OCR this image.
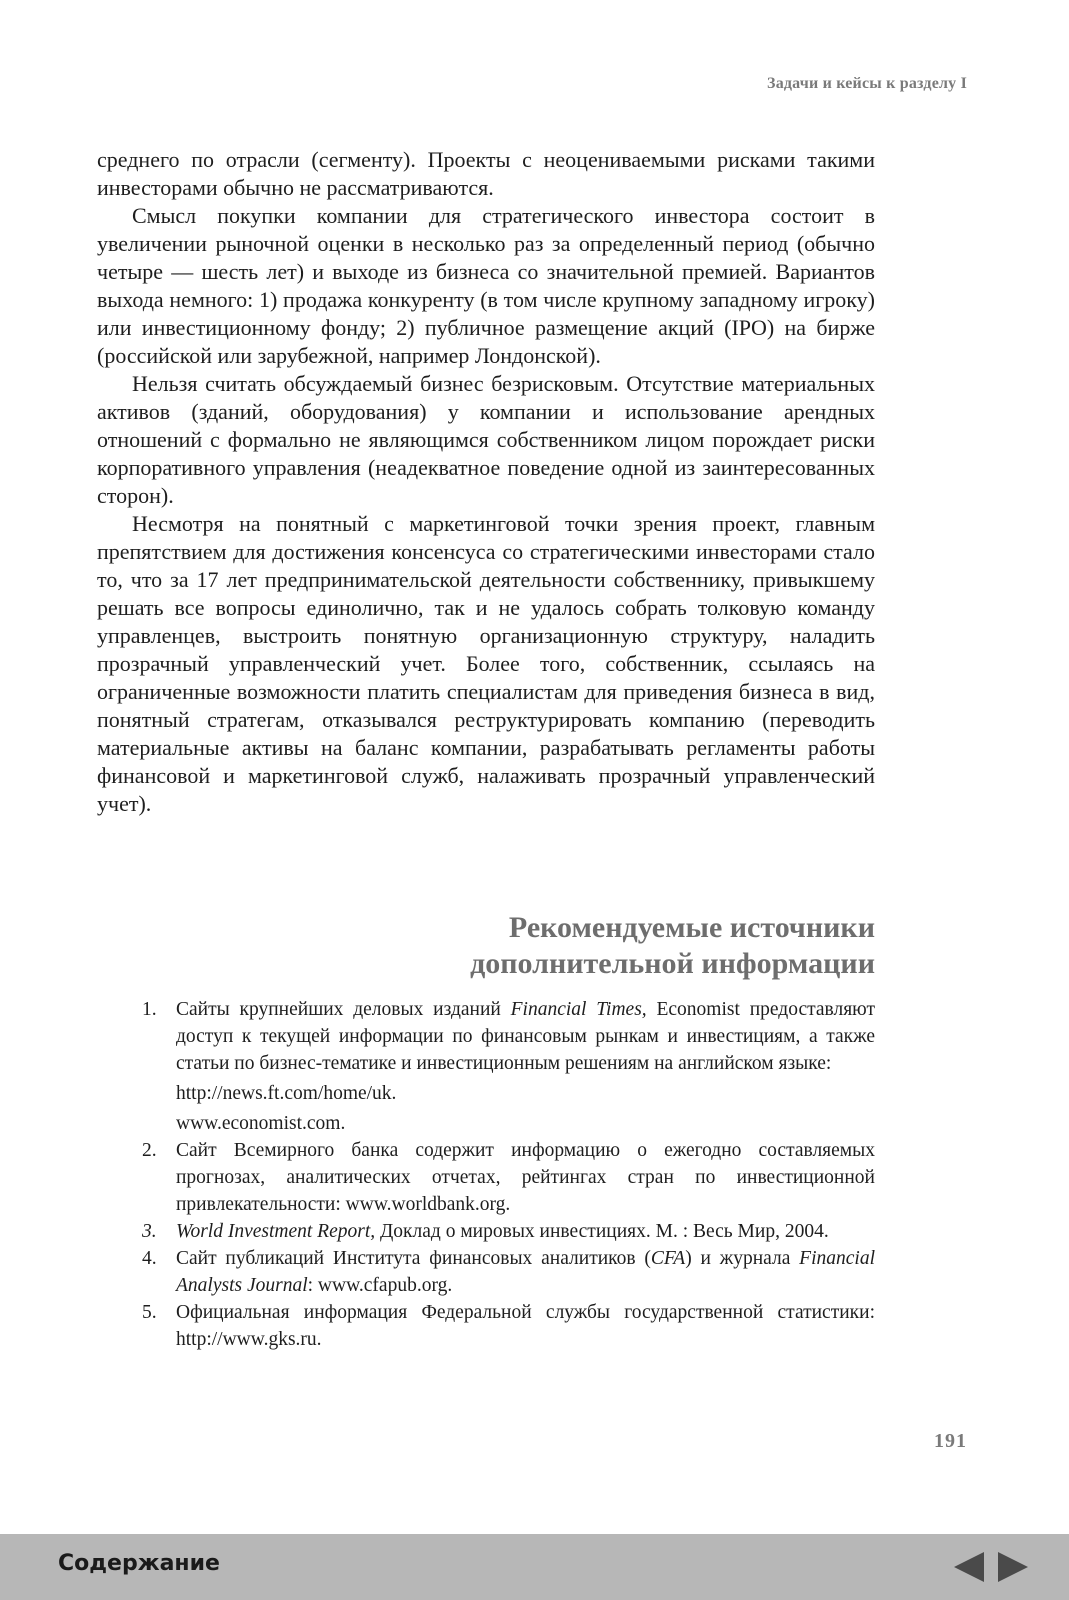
Задачи и кейсы к разделу I

среднего по отрасли (сегменту). Проекты с неоцениваемыми рисками такими инвесторами обычно не рассматриваются.

Смысл покупки компании для стратегического инвестора состоит в увеличении рыночной оценки в несколько раз за определенный период (обычно четыре — шесть лет) и выходе из бизнеса со значительной премией. Вариантов выхода немного: 1) продажа конкуренту (в том числе крупному западному игроку) или инвестиционному фонду; 2) публичное размещение акций (IPO) на бирже (российской или зарубежной, например Лондонской).

Нельзя считать обсуждаемый бизнес безрисковым. Отсутствие материальных активов (зданий, оборудования) у компании и использование арендных отношений с формально не являющимся собственником лицом порождает риски корпоративного управления (неадекватное поведение одной из заинтересованных сторон).

Несмотря на понятный с маркетинговой точки зрения проект, главным препятствием для достижения консенсуса со стратегическими инвесторами стало то, что за 17 лет предпринимательской деятельности собственнику, привыкшему решать все вопросы единолично, так и не удалось собрать толковую команду управленцев, выстроить понятную организационную структуру, наладить прозрачный управленческий учет. Более того, собственник, ссылаясь на ограниченные возможности платить специалистам для приведения бизнеса в вид, понятный стратегам, отказывался реструктурировать компанию (переводить материальные активы на баланс компании, разрабатывать регламенты работы финансовой и маркетинговой служб, налаживать прозрачный управленческий учет).

Рекомендуемые источники
дополнительной информации
1. Сайты крупнейших деловых изданий Financial Times, Economist предоставляют доступ к текущей информации по финансовым рынкам и инвестициям, а также статьи по бизнес-тематике и инвестиционным решениям на английском языке:
http://news.ft.com/home/uk.
www.economist.com.
2. Сайт Всемирного банка содержит информацию о ежегодно составляемых прогнозах, аналитических отчетах, рейтингах стран по инвестиционной привлекательности: www.worldbank.org.
3. World Investment Report, Доклад о мировых инвестициях. М. : Весь Мир, 2004.
4. Сайт публикаций Института финансовых аналитиков (CFA) и журнала Financial Analysts Journal: www.cfapub.org.
5. Официальная информация Федеральной службы государственной статистики: http://www.gks.ru.
191
Содержание
